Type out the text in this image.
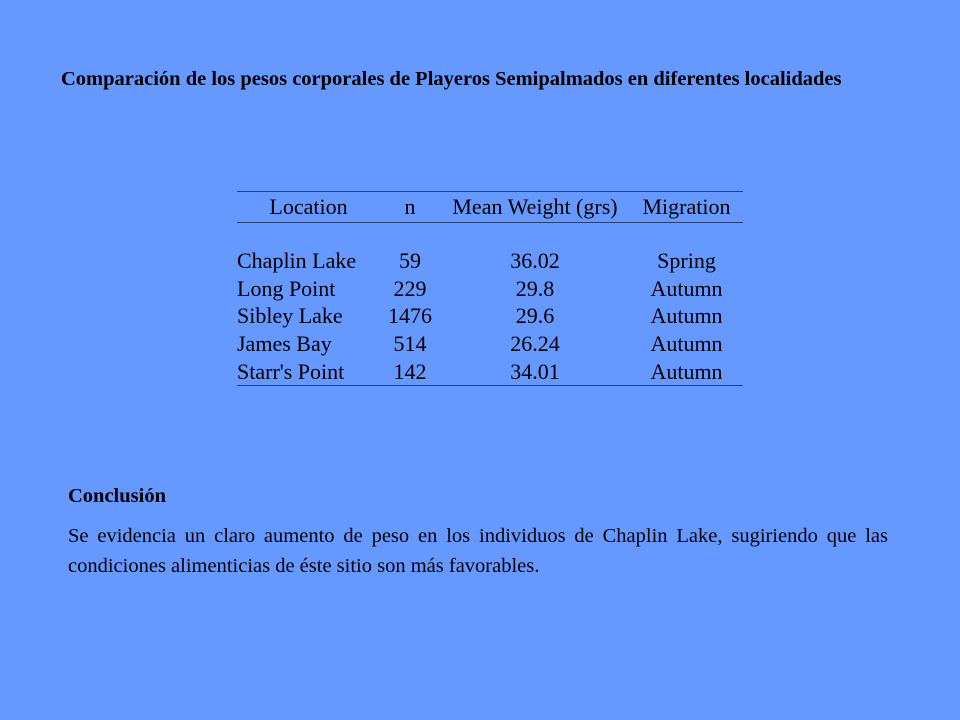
Comparación de los pesos corporales de Playeros Semipalmados en diferentes localidades
Location	n	Mean Weight (grs)	Migration

Chaplin Lake	59	36.02	Spring
Long Point	229	29.8	Autumn
Sibley Lake	1476	29.6	Autumn
James Bay	514	26.24	Autumn
Starr's Point	142	34.01	Autumn
Conclusión

Se evidencia un claro aumento de peso en los individuos de Chaplin Lake, sugiriendo que las condiciones alimenticias de éste sitio son más favorables.
